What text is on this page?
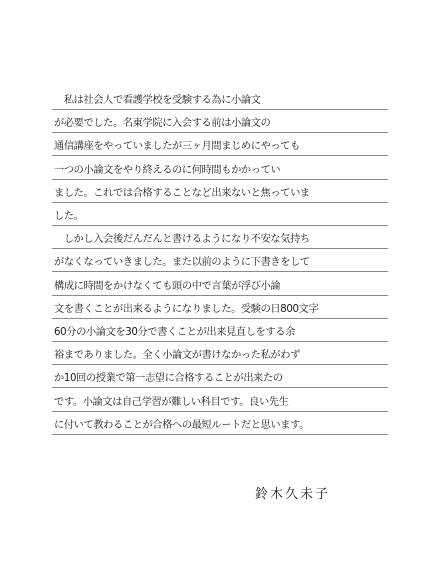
　私は社会人で看護学校を受験する為に小論文
が必要でした。名東学院に入会する前は小論文の
通信講座をやっていましたが三ヶ月間まじめにやっても
一つの小論文をやり終えるのに何時間もかかってい
ました。これでは合格することなど出来ないと焦っていま
した。
　しかし入会後だんだんと書けるようになり不安な気持ち
がなくなっていきました。また以前のように下書きをして
構成に時間をかけなくても頭の中で言葉が浮び小論
文を書くことが出来るようになりました。受験の日800文字
60分の小論文を30分で書くことが出来見直しをする余
裕までありました。全く小論文が書けなかった私がわず
か10回の授業で第一志望に合格することが出来たの
です。小論文は自己学習が難しい科目です。良い先生
に付いて教わることが合格への最短ルートだと思います。
鈴木久未子
